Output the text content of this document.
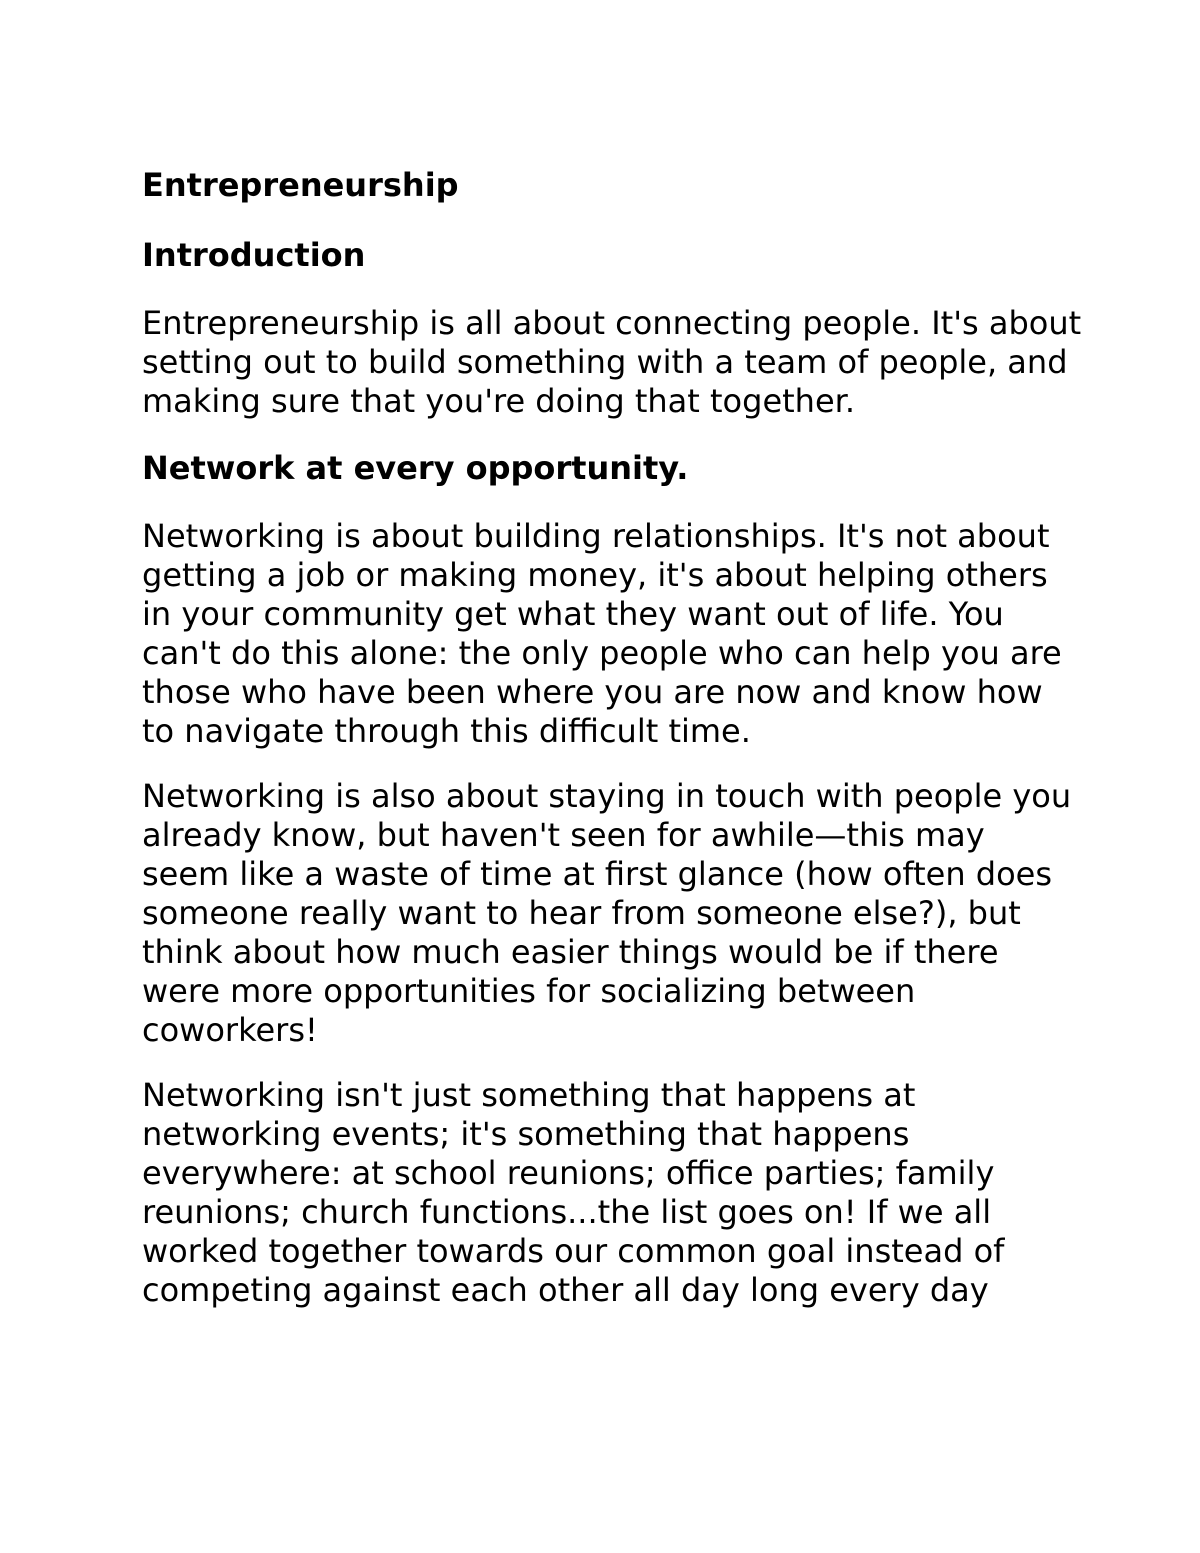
Entrepreneurship
Introduction
Entrepreneurship is all about connecting people. It's about setting out to build something with a team of people, and making sure that you're doing that together.
Network at every opportunity.
Networking is about building relationships. It's not about getting a job or making money, it's about helping others in your community get what they want out of life. You can't do this alone: the only people who can help you are those who have been where you are now and know how to navigate through this difficult time.
Networking is also about staying in touch with people you already know, but haven't seen for awhile—this may seem like a waste of time at first glance (how often does someone really want to hear from someone else?), but think about how much easier things would be if there were more opportunities for socializing between coworkers!
Networking isn't just something that happens at networking events; it's something that happens everywhere: at school reunions; office parties; family reunions; church functions...the list goes on! If we all worked together towards our common goal instead of competing against each other all day long every day
